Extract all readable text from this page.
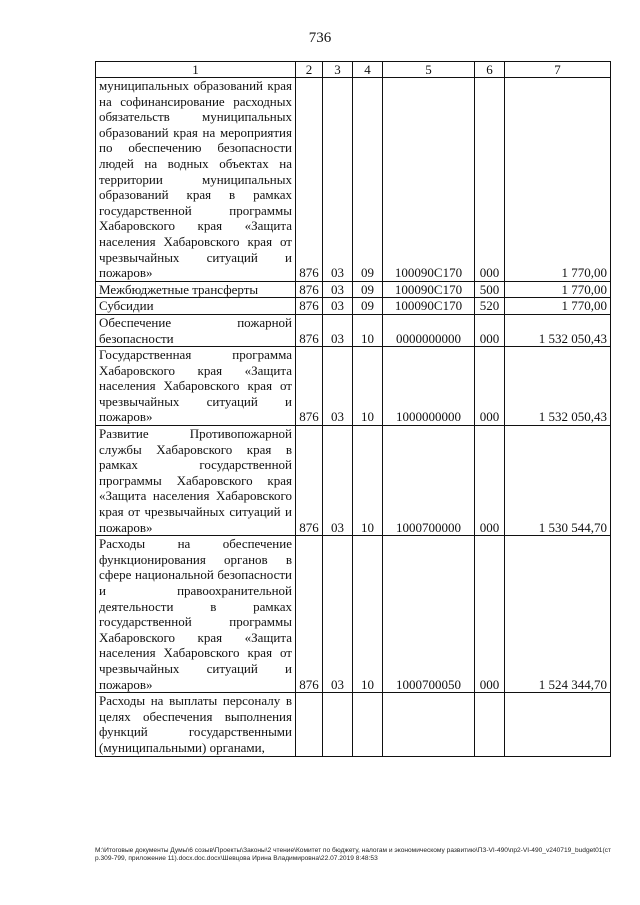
736
1	2	3	4	5	6	7
муниципальных образований края на софинансирование расходных обязательств муниципальных образований края на мероприятия по обеспечению безопасности людей на водных объектах на территории муниципальных образований края в рамках государственной программы Хабаровского края «Защита населения Хабаровского края от чрезвычайных ситуаций и пожаров»	876	03	09	100090С170	000	1 770,00
Межбюджетные трансферты	876	03	09	100090С170	500	1 770,00
Субсидии	876	03	09	100090С170	520	1 770,00
Обеспечение пожарной безопасности	876	03	10	0000000000	000	1 532 050,43
Государственная программа Хабаровского края «Защита населения Хабаровского края от чрезвычайных ситуаций и пожаров»	876	03	10	1000000000	000	1 532 050,43
Развитие Противопожарной службы Хабаровского края в рамках государственной программы Хабаровского края «Защита населения Хабаровского края от чрезвычайных ситуаций и пожаров»	876	03	10	1000700000	000	1 530 544,70
Расходы на обеспечение функционирования органов в сфере национальной безопасности и правоохранительной деятельности в рамках государственной программы Хабаровского края «Защита населения Хабаровского края от чрезвычайных ситуаций и пожаров»	876	03	10	1000700050	000	1 524 344,70
Расходы на выплаты персоналу в целях обеспечения выполнения функций государственными (муниципальными) органами,						
М:\Итоговые документы Думы\6 созыв\Проекты\Законы\2 чтение\Комитет по бюджету, налогам и экономическому развитию\ПЗ-VI-490\пр2-VI-490_v240719_budget01(стр.309-799, приложение 11).docx.doc.docx\Шевцова Ирина Владимировна\22.07.2019 8:48:53
